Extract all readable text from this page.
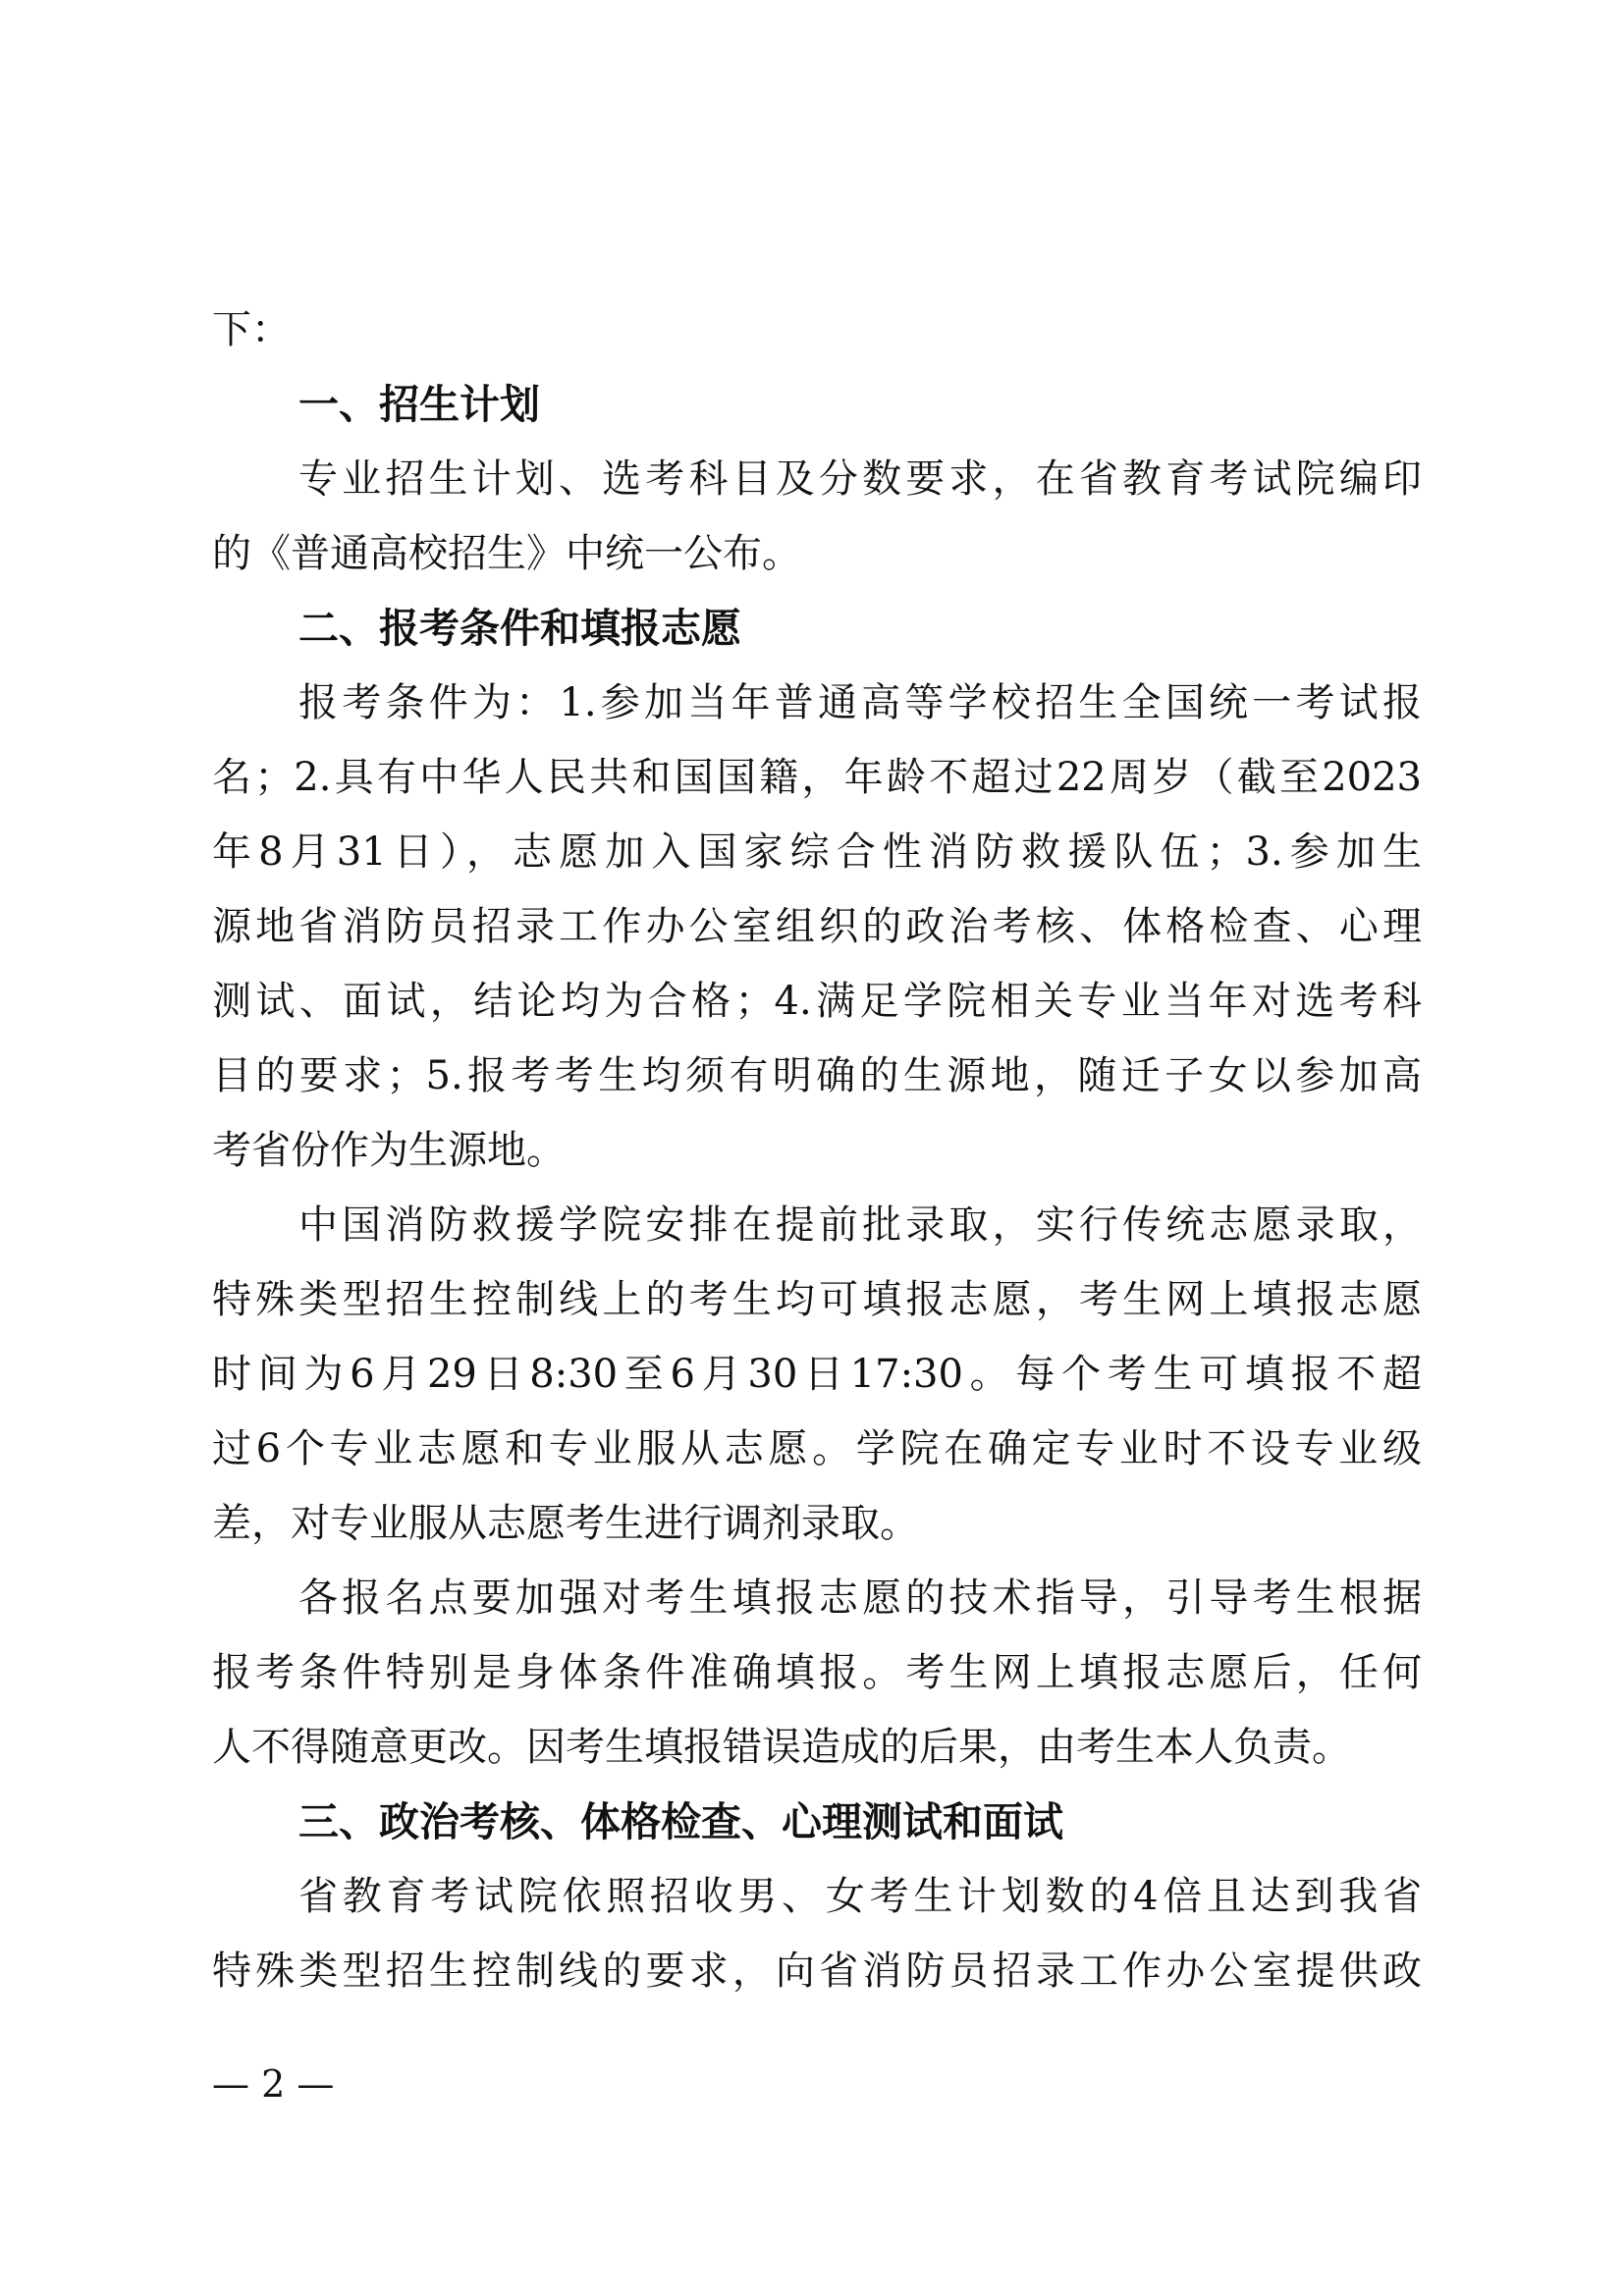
下：
一、招生计划
专业招生计划、选考科目及分数要求，在省教育考试院编印
的《普通高校招生》中统一公布。
二、报考条件和填报志愿
报考条件为：1.参加当年普通高等学校招生全国统一考试报
名；2.具有中华人民共和国国籍，年龄不超过22周岁（截至2023
年8月31日），志愿加入国家综合性消防救援队伍；3.参加生
源地省消防员招录工作办公室组织的政治考核、体格检查、心理
测试、面试，结论均为合格；4.满足学院相关专业当年对选考科
目的要求；5.报考考生均须有明确的生源地，随迁子女以参加高
考省份作为生源地。
中国消防救援学院安排在提前批录取，实行传统志愿录取，
特殊类型招生控制线上的考生均可填报志愿，考生网上填报志愿
时间为6月29日8:30至6月30日17:30。每个考生可填报不超
过6个专业志愿和专业服从志愿。学院在确定专业时不设专业级
差，对专业服从志愿考生进行调剂录取。
各报名点要加强对考生填报志愿的技术指导，引导考生根据
报考条件特别是身体条件准确填报。考生网上填报志愿后，任何
人不得随意更改。因考生填报错误造成的后果，由考生本人负责。
三、政治考核、体格检查、心理测试和面试
省教育考试院依照招收男、女考生计划数的4倍且达到我省
特殊类型招生控制线的要求，向省消防员招录工作办公室提供政
— 2 —
